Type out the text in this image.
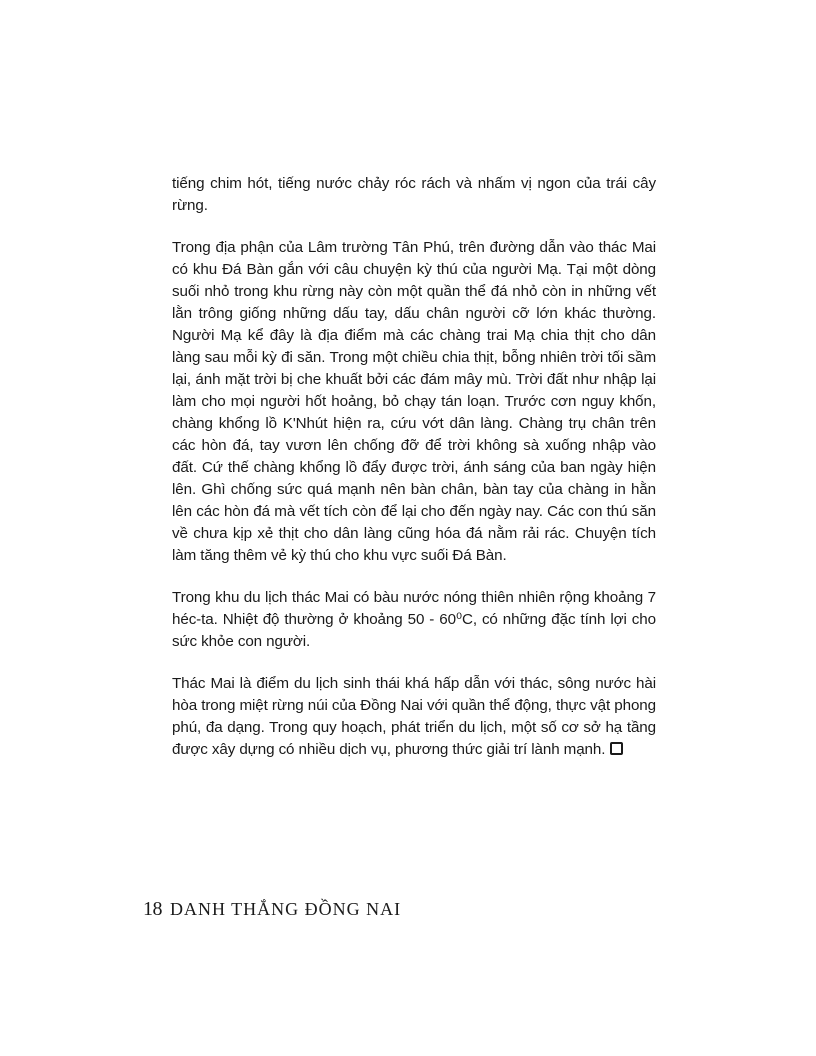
tiếng chim hót, tiếng nước chảy róc rách và nhấm vị ngon của trái cây rừng.

Trong địa phận của Lâm trường Tân Phú, trên đường dẫn vào thác Mai có khu Đá Bàn gắn với câu chuyện kỳ thú của người Mạ. Tại một dòng suối nhỏ trong khu rừng này còn một quần thể đá nhỏ còn in những vết lằn trông giống những dấu tay, dấu chân người cỡ lớn khác thường. Người Mạ kể đây là địa điểm mà các chàng trai Mạ chia thịt cho dân làng sau mỗi kỳ đi săn. Trong một chiều chia thịt, bỗng nhiên trời tối sầm lại, ánh mặt trời bị che khuất bởi các đám mây mù. Trời đất như nhập lại làm cho mọi người hốt hoảng, bỏ chạy tán loạn. Trước cơn nguy khốn, chàng khổng lồ K'Nhút hiện ra, cứu vớt dân làng. Chàng trụ chân trên các hòn đá, tay vươn lên chống đỡ để trời không sà xuống nhập vào đất. Cứ thế chàng khổng lồ đẩy được trời, ánh sáng của ban ngày hiện lên. Ghì chống sức quá mạnh nên bàn chân, bàn tay của chàng in hằn lên các hòn đá mà vết tích còn để lại cho đến ngày nay. Các con thú săn về chưa kịp xẻ thịt cho dân làng cũng hóa đá nằm rải rác. Chuyện tích làm tăng thêm vẻ kỳ thú cho khu vực suối Đá Bàn.

Trong khu du lịch thác Mai có bàu nước nóng thiên nhiên rộng khoảng 7 héc-ta. Nhiệt độ thường ở khoảng 50 - 60⁰C, có những đặc tính lợi cho sức khỏe con người.

Thác Mai là điểm du lịch sinh thái khá hấp dẫn với thác, sông nước hài hòa trong miệt rừng núi của Đồng Nai với quần thể động, thực vật phong phú, đa dạng. Trong quy hoạch, phát triển du lịch, một số cơ sở hạ tầng được xây dựng có nhiều dịch vụ, phương thức giải trí lành mạnh.

18 DANH THẮNG ĐỒNG NAI
